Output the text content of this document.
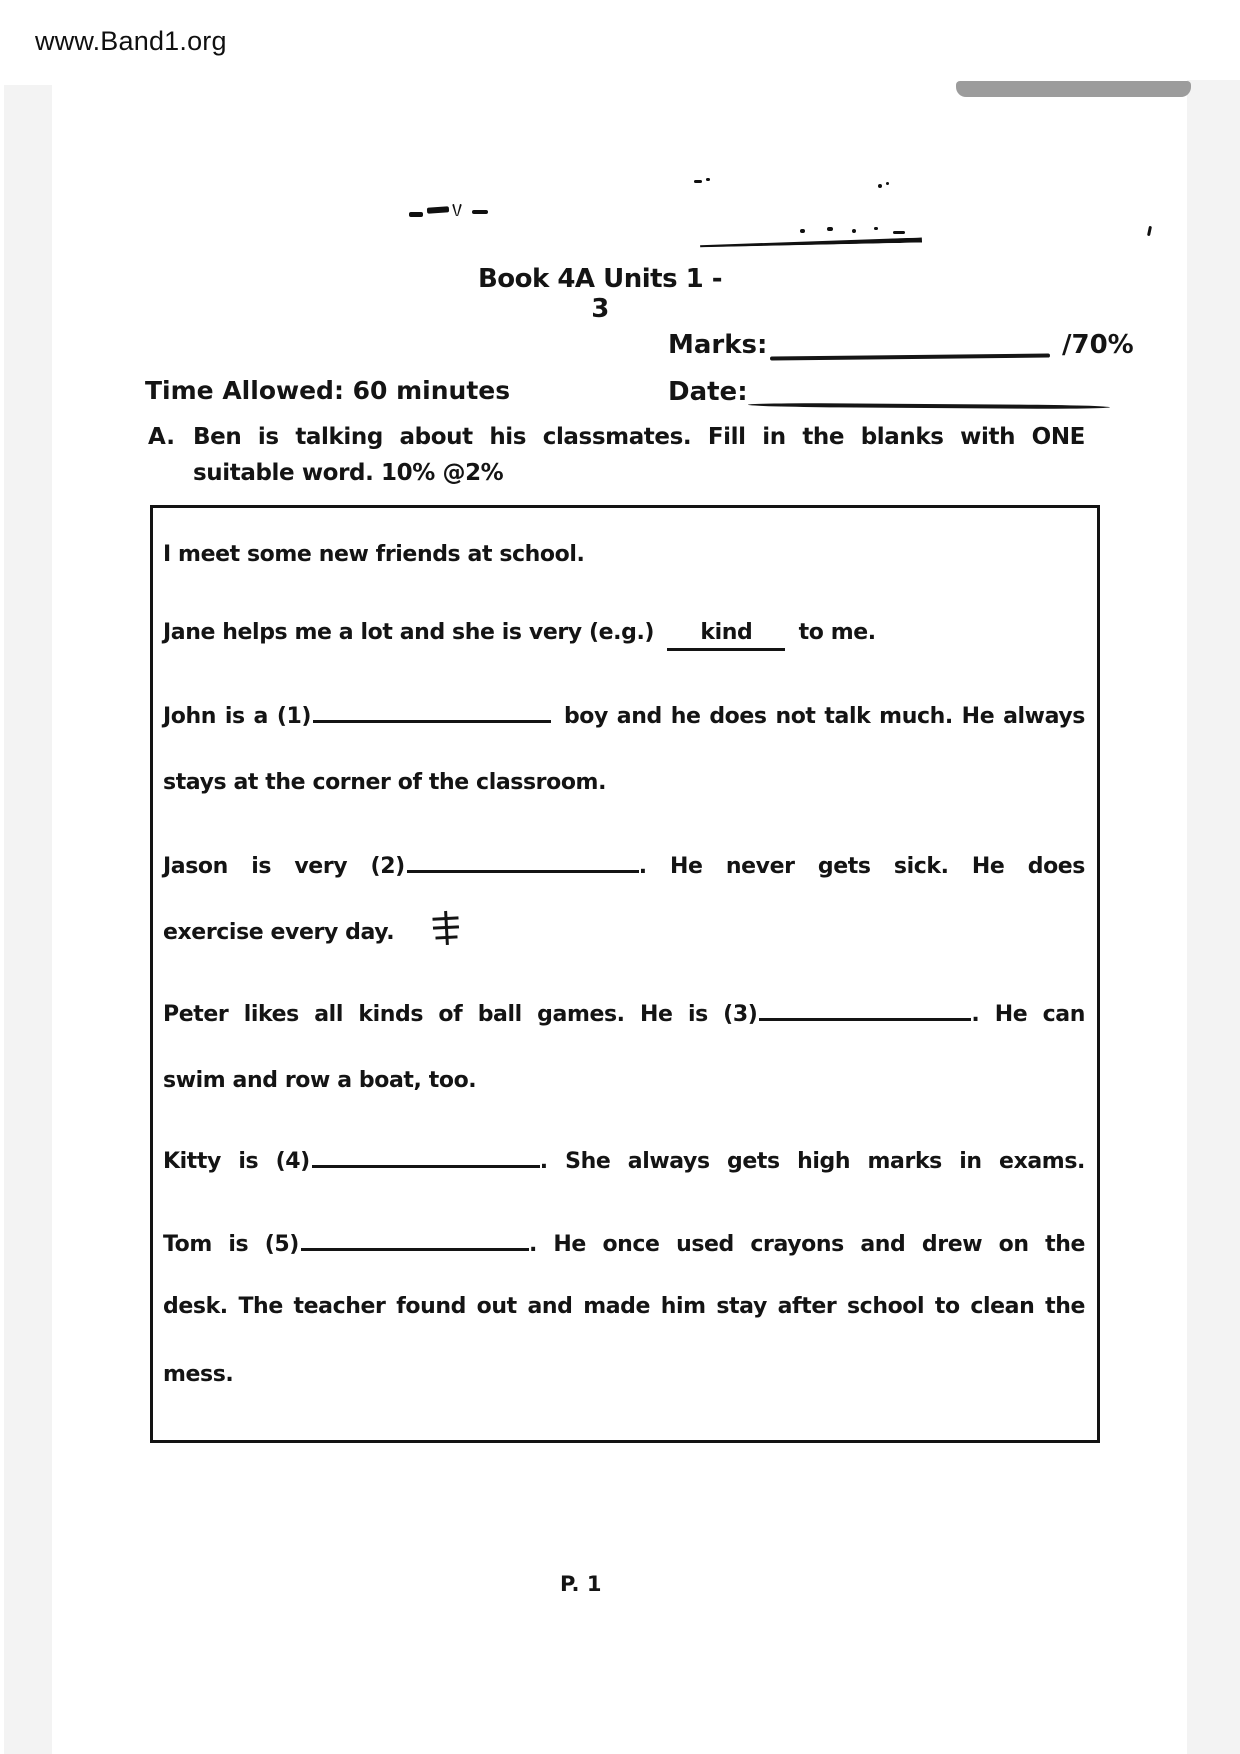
www.Band1.org
Book 4A Units 1 - 3
Marks:	/70%
Time Allowed: 60 minutes	Date:
A. Ben is talking about his classmates. Fill in the blanks with ONE
suitable word. 10% @2%
I meet some new friends at school.
Jane helps me a lot and she is very (e.g.) kind to me.
John is a (1)	boy and he does not talk much. He always
stays at the corner of the classroom.
Jason is very (2)	. He never gets sick. He does
exercise every day.
Peter likes all kinds of ball games. He is (3)	. He can
swim and row a boat, too.
Kitty is (4)	. She always gets high marks in exams.
Tom is (5)	. He once used crayons and drew on the
desk. The teacher found out and made him stay after school to clean the
mess.
P. 1
